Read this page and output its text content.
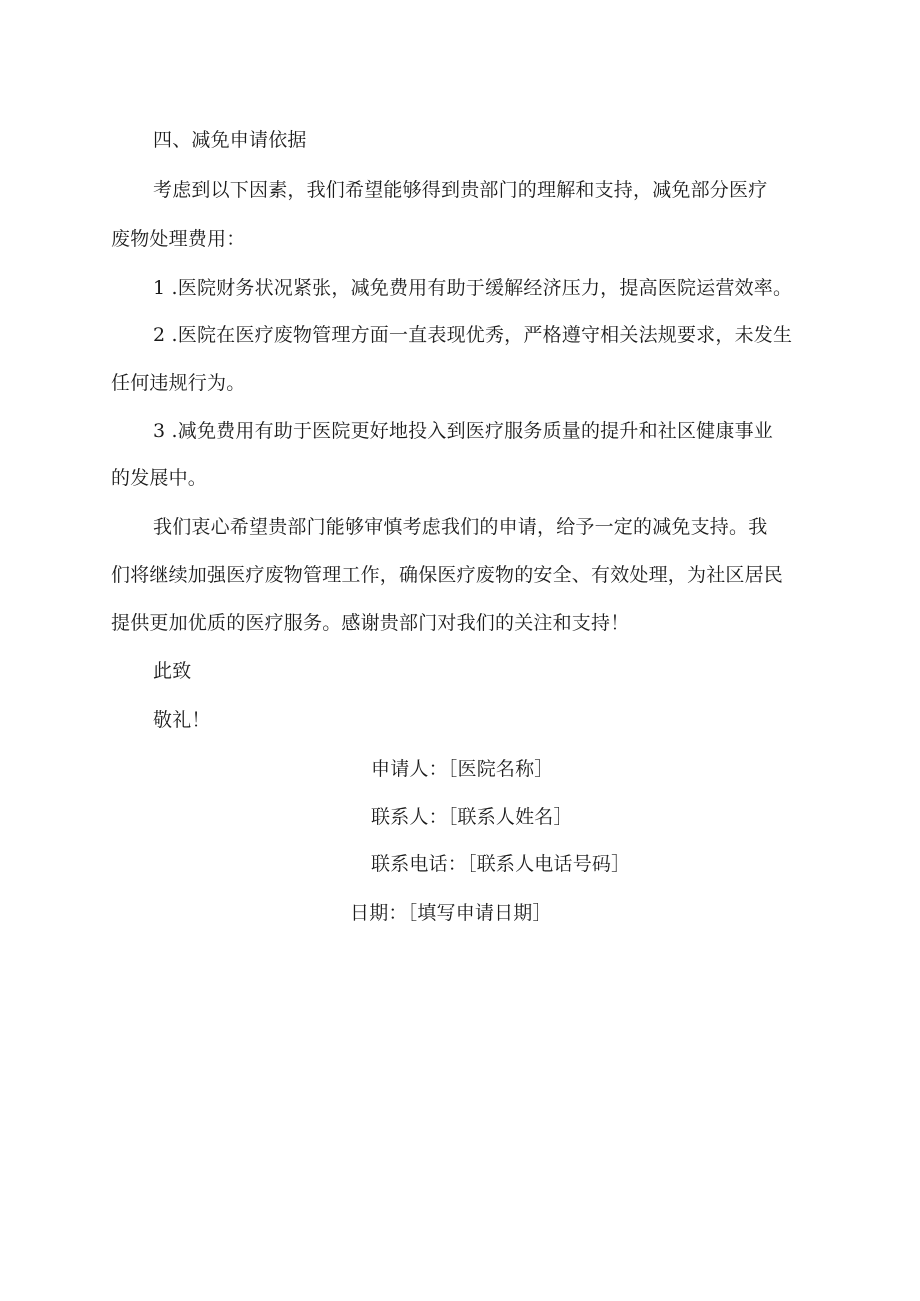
四、减免申请依据
考虑到以下因素，我们希望能够得到贵部门的理解和支持，减免部分医疗
废物处理费用：
1 .医院财务状况紧张，减免费用有助于缓解经济压力，提高医院运营效率。
2 .医院在医疗废物管理方面一直表现优秀，严格遵守相关法规要求，未发生
任何违规行为。
3 .减免费用有助于医院更好地投入到医疗服务质量的提升和社区健康事业
的发展中。
我们衷心希望贵部门能够审慎考虑我们的申请，给予一定的减免支持。我
们将继续加强医疗废物管理工作，确保医疗废物的安全、有效处理，为社区居民
提供更加优质的医疗服务。感谢贵部门对我们的关注和支持！
此致
敬礼！
申请人：［医院名称］
联系人：［联系人姓名］
联系电话：［联系人电话号码］
日期：［填写申请日期］
